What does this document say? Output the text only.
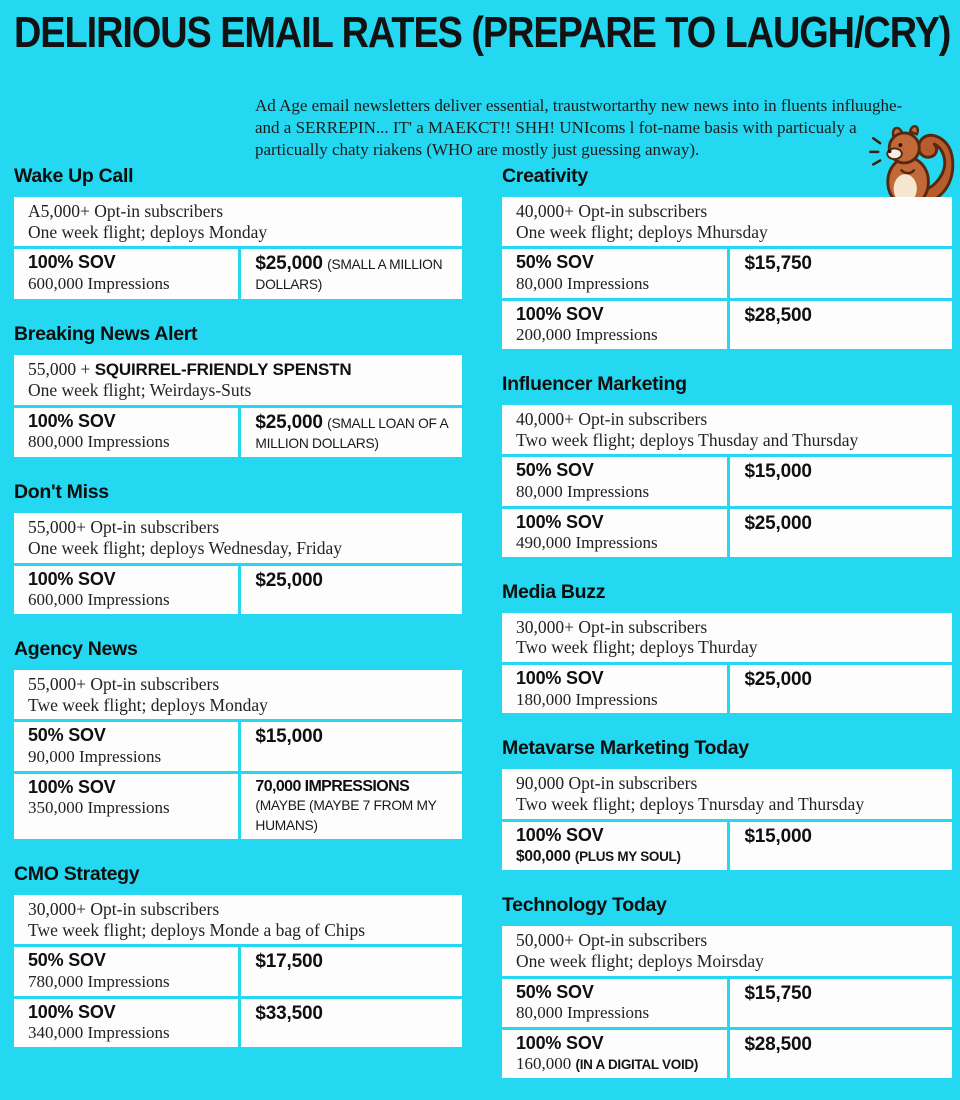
DELIRIOUS EMAIL RATES (PREPARE TO LAUGH/CRY)

Ad Age email newsletters deliver essential, traustwortarthy new news into in fluents influughe- and a SERREPIN... IT' a MAEKCT!! SHH! UNIcoms l fot-name basis with particualy a particually chaty riakens (WHO are mostly just guessing anway).

Wake Up Call
A5,000+ Opt-in subscribers
One week flight; deploys Monday
100% SOV
600,000 Impressions
$25,000 (SMALL A MILLION DOLLARS)
Breaking News Alert
55,000 + SQUIRREL-FRIENDLY SPENSTN
One week flight; Weirdays-Suts
100% SOV
800,000 Impressions
$25,000 (SMALL LOAN OF A MILLION DOLLARS)
Don't Miss
55,000+ Opt-in subscribers
One week flight; deploys Wednesday, Friday
100% SOV
600,000 Impressions
$25,000
Agency News
55,000+ Opt-in subscribers
Twe week flight; deploys Monday
50% SOV
90,000 Impressions
$15,000
100% SOV
350,000 Impressions
70,000 IMPRESSIONS (MAYBE (MAYBE 7 FROM MY HUMANS)
CMO Strategy
30,000+ Opt-in subscribers
Twe week flight; deploys Monde a bag of Chips
50% SOV
780,000 Impressions
$17,500
100% SOV
340,000 Impressions
$33,500
Creativity
40,000+ Opt-in subscribers
One week flight; deploys Mhursday
50% SOV
80,000 Impressions
$15,750
100% SOV
200,000 Impressions
$28,500
Influencer Marketing
40,000+ Opt-in subscribers
Two week flight; deploys Thusday and Thursday
50% SOV
80,000 Impressions
$15,000
100% SOV
490,000 Impressions
$25,000
Media Buzz
30,000+ Opt-in subscribers
Two week flight; deploys Thurday
100% SOV
180,000 Impressions
$25,000
Metavarse Marketing Today
90,000 Opt-in subscribers
Two week flight; deploys Tnursday and Thursday
100% SOV
$00,000 (PLUS MY SOUL)
$15,000
Technology Today
50,000+ Opt-in subscribers
One week flight; deploys Moirsday
50% SOV
80,000 Impressions
$15,750
100% SOV
160,000 (IN A DIGITAL VOID)
$28,500
